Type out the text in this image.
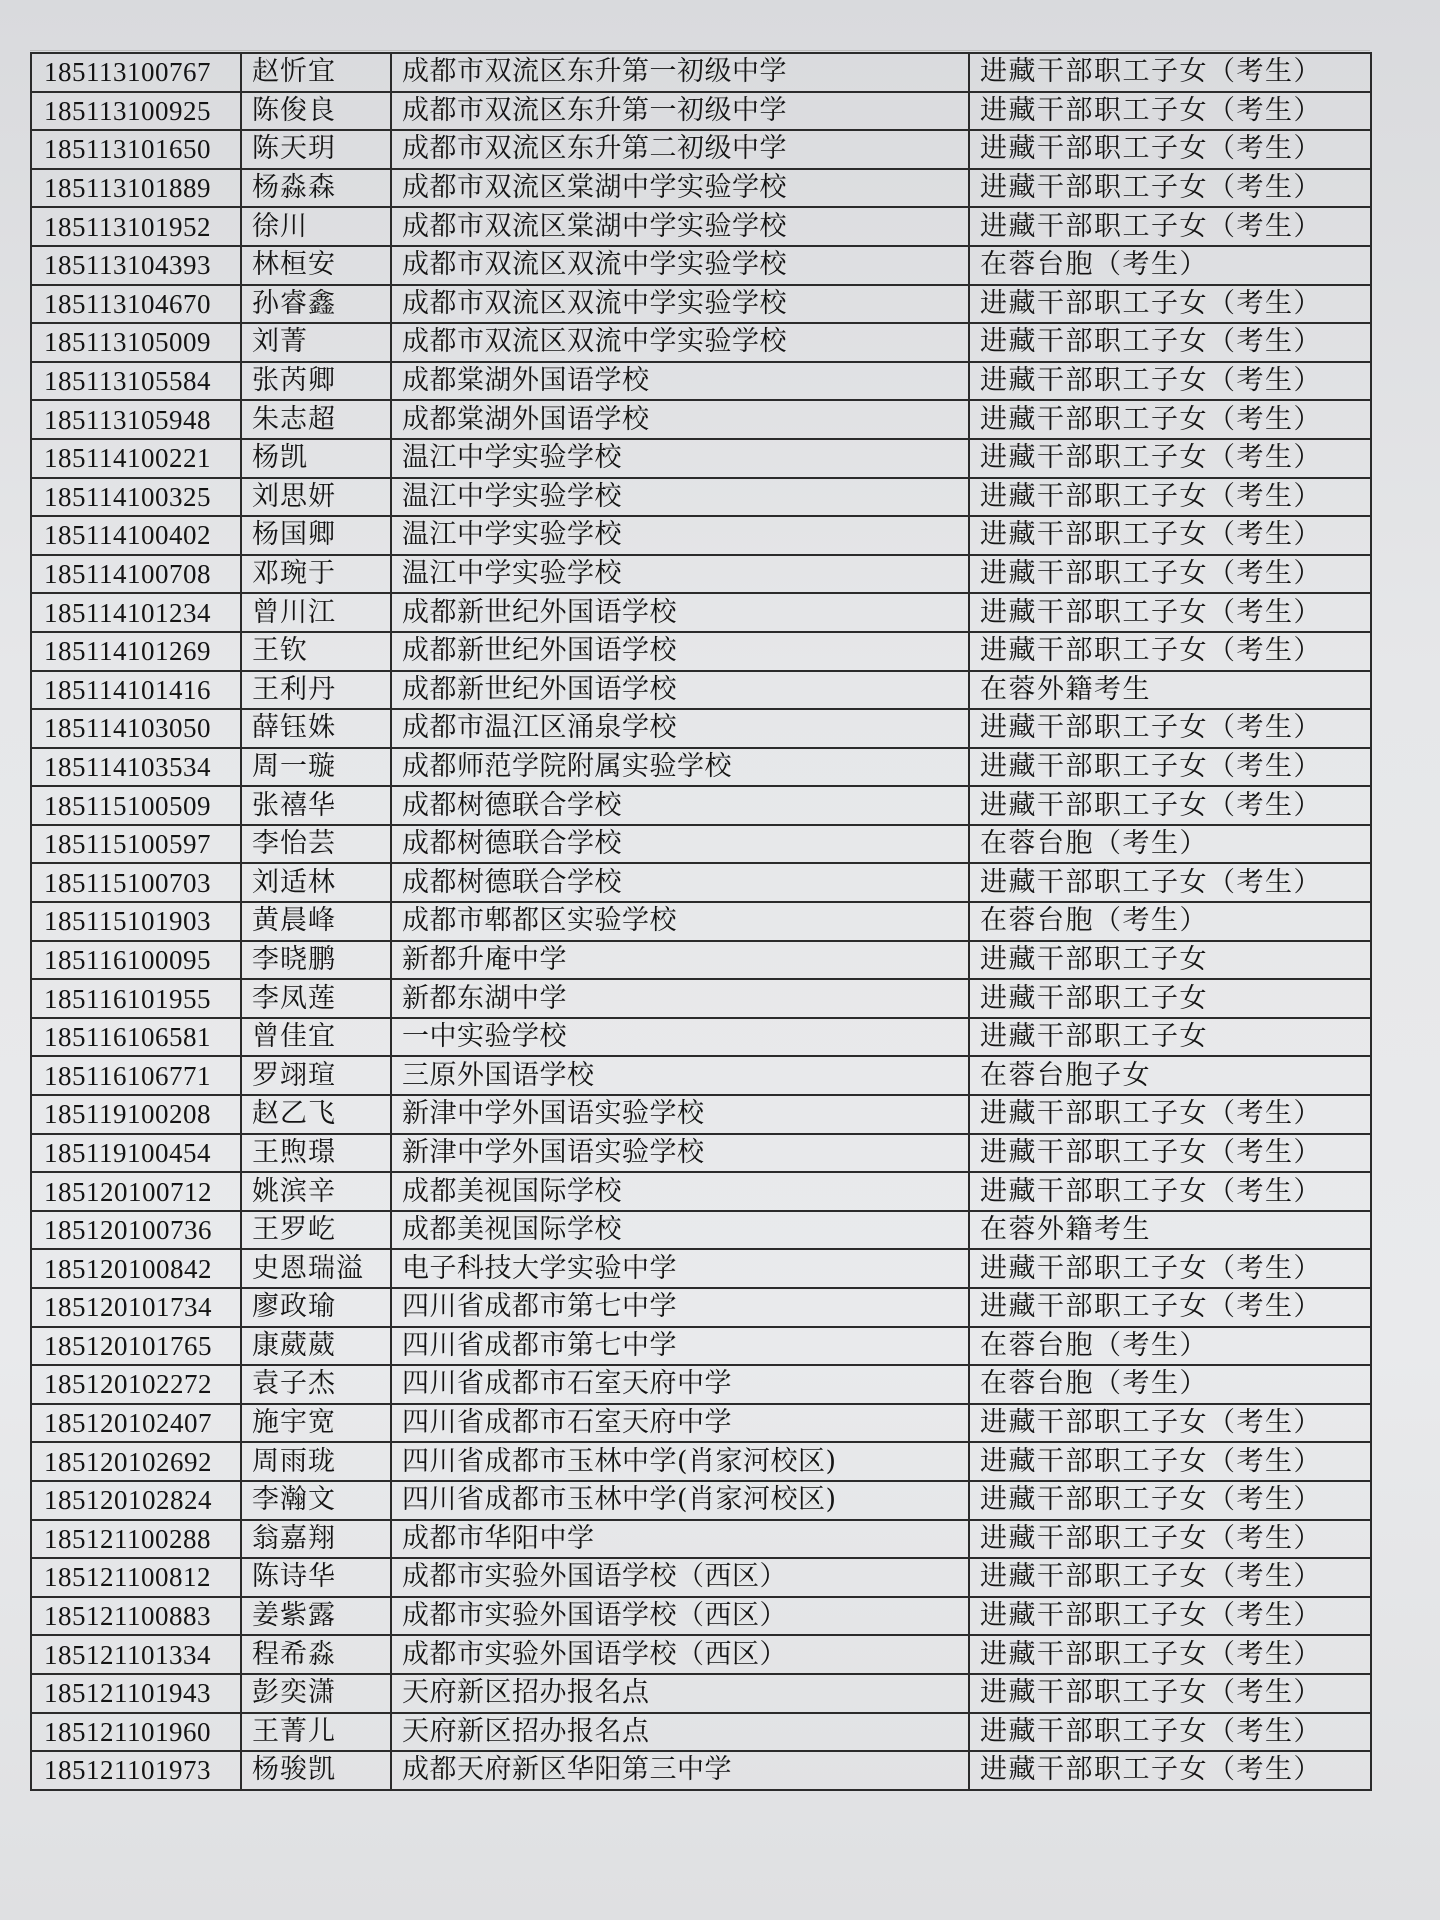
185113100767	赵忻宜	成都市双流区东升第一初级中学	进藏干部职工子女（考生）
185113100925	陈俊良	成都市双流区东升第一初级中学	进藏干部职工子女（考生）
185113101650	陈天玥	成都市双流区东升第二初级中学	进藏干部职工子女（考生）
185113101889	杨淼森	成都市双流区棠湖中学实验学校	进藏干部职工子女（考生）
185113101952	徐川	成都市双流区棠湖中学实验学校	进藏干部职工子女（考生）
185113104393	林桓安	成都市双流区双流中学实验学校	在蓉台胞（考生）
185113104670	孙睿鑫	成都市双流区双流中学实验学校	进藏干部职工子女（考生）
185113105009	刘菁	成都市双流区双流中学实验学校	进藏干部职工子女（考生）
185113105584	张芮卿	成都棠湖外国语学校	进藏干部职工子女（考生）
185113105948	朱志超	成都棠湖外国语学校	进藏干部职工子女（考生）
185114100221	杨凯	温江中学实验学校	进藏干部职工子女（考生）
185114100325	刘思妍	温江中学实验学校	进藏干部职工子女（考生）
185114100402	杨国卿	温江中学实验学校	进藏干部职工子女（考生）
185114100708	邓琬于	温江中学实验学校	进藏干部职工子女（考生）
185114101234	曾川江	成都新世纪外国语学校	进藏干部职工子女（考生）
185114101269	王钦	成都新世纪外国语学校	进藏干部职工子女（考生）
185114101416	王利丹	成都新世纪外国语学校	在蓉外籍考生
185114103050	薛钰姝	成都市温江区涌泉学校	进藏干部职工子女（考生）
185114103534	周一璇	成都师范学院附属实验学校	进藏干部职工子女（考生）
185115100509	张禧华	成都树德联合学校	进藏干部职工子女（考生）
185115100597	李怡芸	成都树德联合学校	在蓉台胞（考生）
185115100703	刘适林	成都树德联合学校	进藏干部职工子女（考生）
185115101903	黄晨峰	成都市郫都区实验学校	在蓉台胞（考生）
185116100095	李晓鹏	新都升庵中学	进藏干部职工子女
185116101955	李凤莲	新都东湖中学	进藏干部职工子女
185116106581	曾佳宜	一中实验学校	进藏干部职工子女
185116106771	罗翊瑄	三原外国语学校	在蓉台胞子女
185119100208	赵乙飞	新津中学外国语实验学校	进藏干部职工子女（考生）
185119100454	王煦璟	新津中学外国语实验学校	进藏干部职工子女（考生）
185120100712	姚滨辛	成都美视国际学校	进藏干部职工子女（考生）
185120100736	王罗屹	成都美视国际学校	在蓉外籍考生
185120100842	史恩瑞溢	电子科技大学实验中学	进藏干部职工子女（考生）
185120101734	廖政瑜	四川省成都市第七中学	进藏干部职工子女（考生）
185120101765	康葳葳	四川省成都市第七中学	在蓉台胞（考生）
185120102272	袁子杰	四川省成都市石室天府中学	在蓉台胞（考生）
185120102407	施宇宽	四川省成都市石室天府中学	进藏干部职工子女（考生）
185120102692	周雨珑	四川省成都市玉林中学(肖家河校区)	进藏干部职工子女（考生）
185120102824	李瀚文	四川省成都市玉林中学(肖家河校区)	进藏干部职工子女（考生）
185121100288	翁嘉翔	成都市华阳中学	进藏干部职工子女（考生）
185121100812	陈诗华	成都市实验外国语学校（西区）	进藏干部职工子女（考生）
185121100883	姜紫露	成都市实验外国语学校（西区）	进藏干部职工子女（考生）
185121101334	程希淼	成都市实验外国语学校（西区）	进藏干部职工子女（考生）
185121101943	彭奕潇	天府新区招办报名点	进藏干部职工子女（考生）
185121101960	王菁儿	天府新区招办报名点	进藏干部职工子女（考生）
185121101973	杨骏凯	成都天府新区华阳第三中学	进藏干部职工子女（考生）
